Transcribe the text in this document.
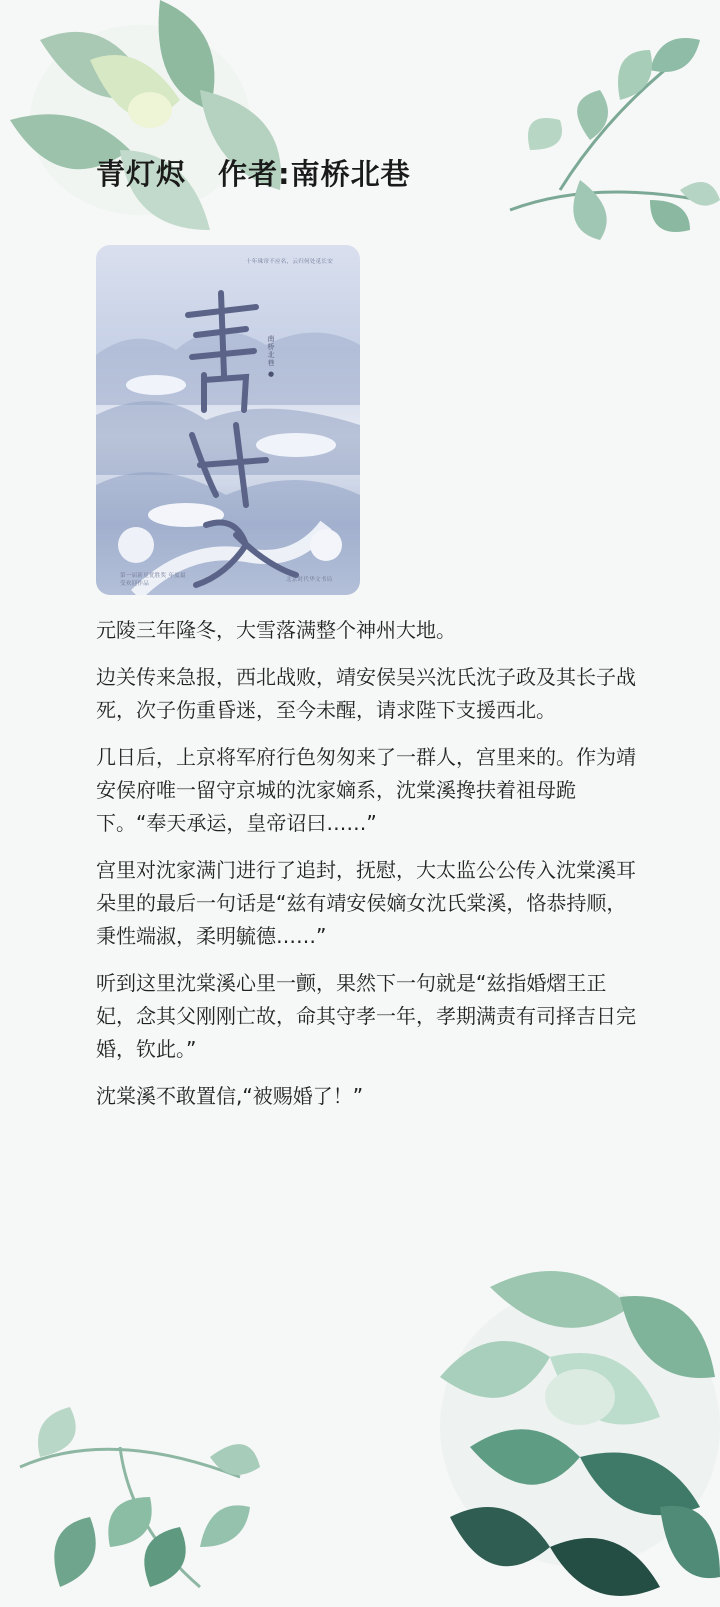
青灯烬 作者:南桥北巷
十年珠帘不应名，云归何处觅长安
南桥北巷 ●
第一届新星优胜奖 年度最受欢迎作品
北京时代华文书局

元陵三年隆冬，大雪落满整个神州大地。

边关传来急报，西北战败，靖安侯吴兴沈氏沈子政及其长子战死，次子伤重昏迷，至今未醒，请求陛下支援西北。

几日后，上京将军府行色匆匆来了一群人，宫里来的。作为靖安侯府唯一留守京城的沈家嫡系，沈棠溪搀扶着祖母跪下。“奉天承运，皇帝诏曰……”

宫里对沈家满门进行了追封，抚慰，大太监公公传入沈棠溪耳朵里的最后一句话是“兹有靖安侯嫡女沈氏棠溪，恪恭持顺，秉性端淑，柔明毓德……”

听到这里沈棠溪心里一颤，果然下一句就是“兹指婚熠王正妃，念其父刚刚亡故，命其守孝一年，孝期满责有司择吉日完婚，钦此。”

沈棠溪不敢置信,“被赐婚了！”
